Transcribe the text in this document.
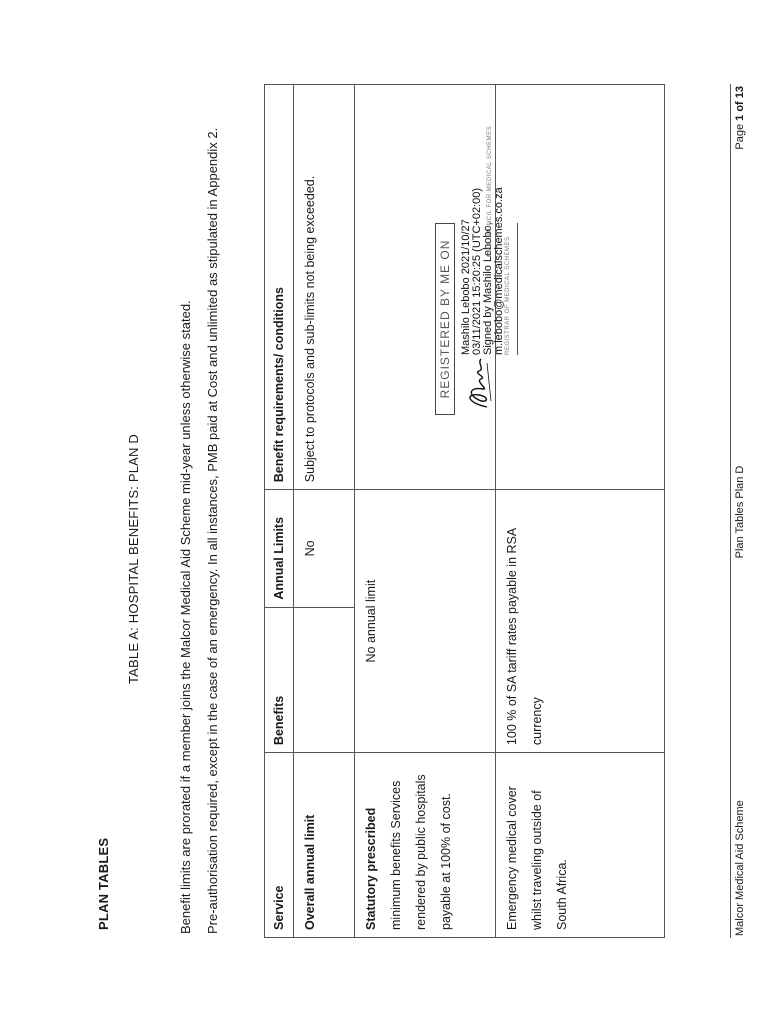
PLAN TABLES
TABLE A: HOSPITAL BENEFITS: PLAN D	Benefit limits are prorated if a member joins the Malcor Medical Aid Scheme mid-year unless otherwise stated. Pre-authorisation required, except in the case of an emergency. In all instances, PMB paid at Cost and unlimited as stipulated in Appendix 2.	Service	Benefits	Annual Limits	Benefit requirements/ conditions
Overall annual limit		No	Subject to protocols and sub-limits not being exceeded.

Statutory prescribed minimum benefits Services rendered by public hospitals payable at 100% of cost.	No annual limit		

Emergency medical cover whilst traveling outside of South Africa.	100 % of SA tariff rates payable in RSA currency		
REGISTERED BY ME ON Mashilo Lebobo 2021/10/27 03/11/2021 15:20:25 (UTC+02:00) Signed by Mashilo Lebobo, m.lebobo@medicalschemes.co.za REGISTRAR OF MEDICAL SCHEMES
CMS COUNCIL FOR MEDICAL SCHEMES
Malcor Medical Aid Scheme
Plan Tables Plan D
Page 1 of 13
